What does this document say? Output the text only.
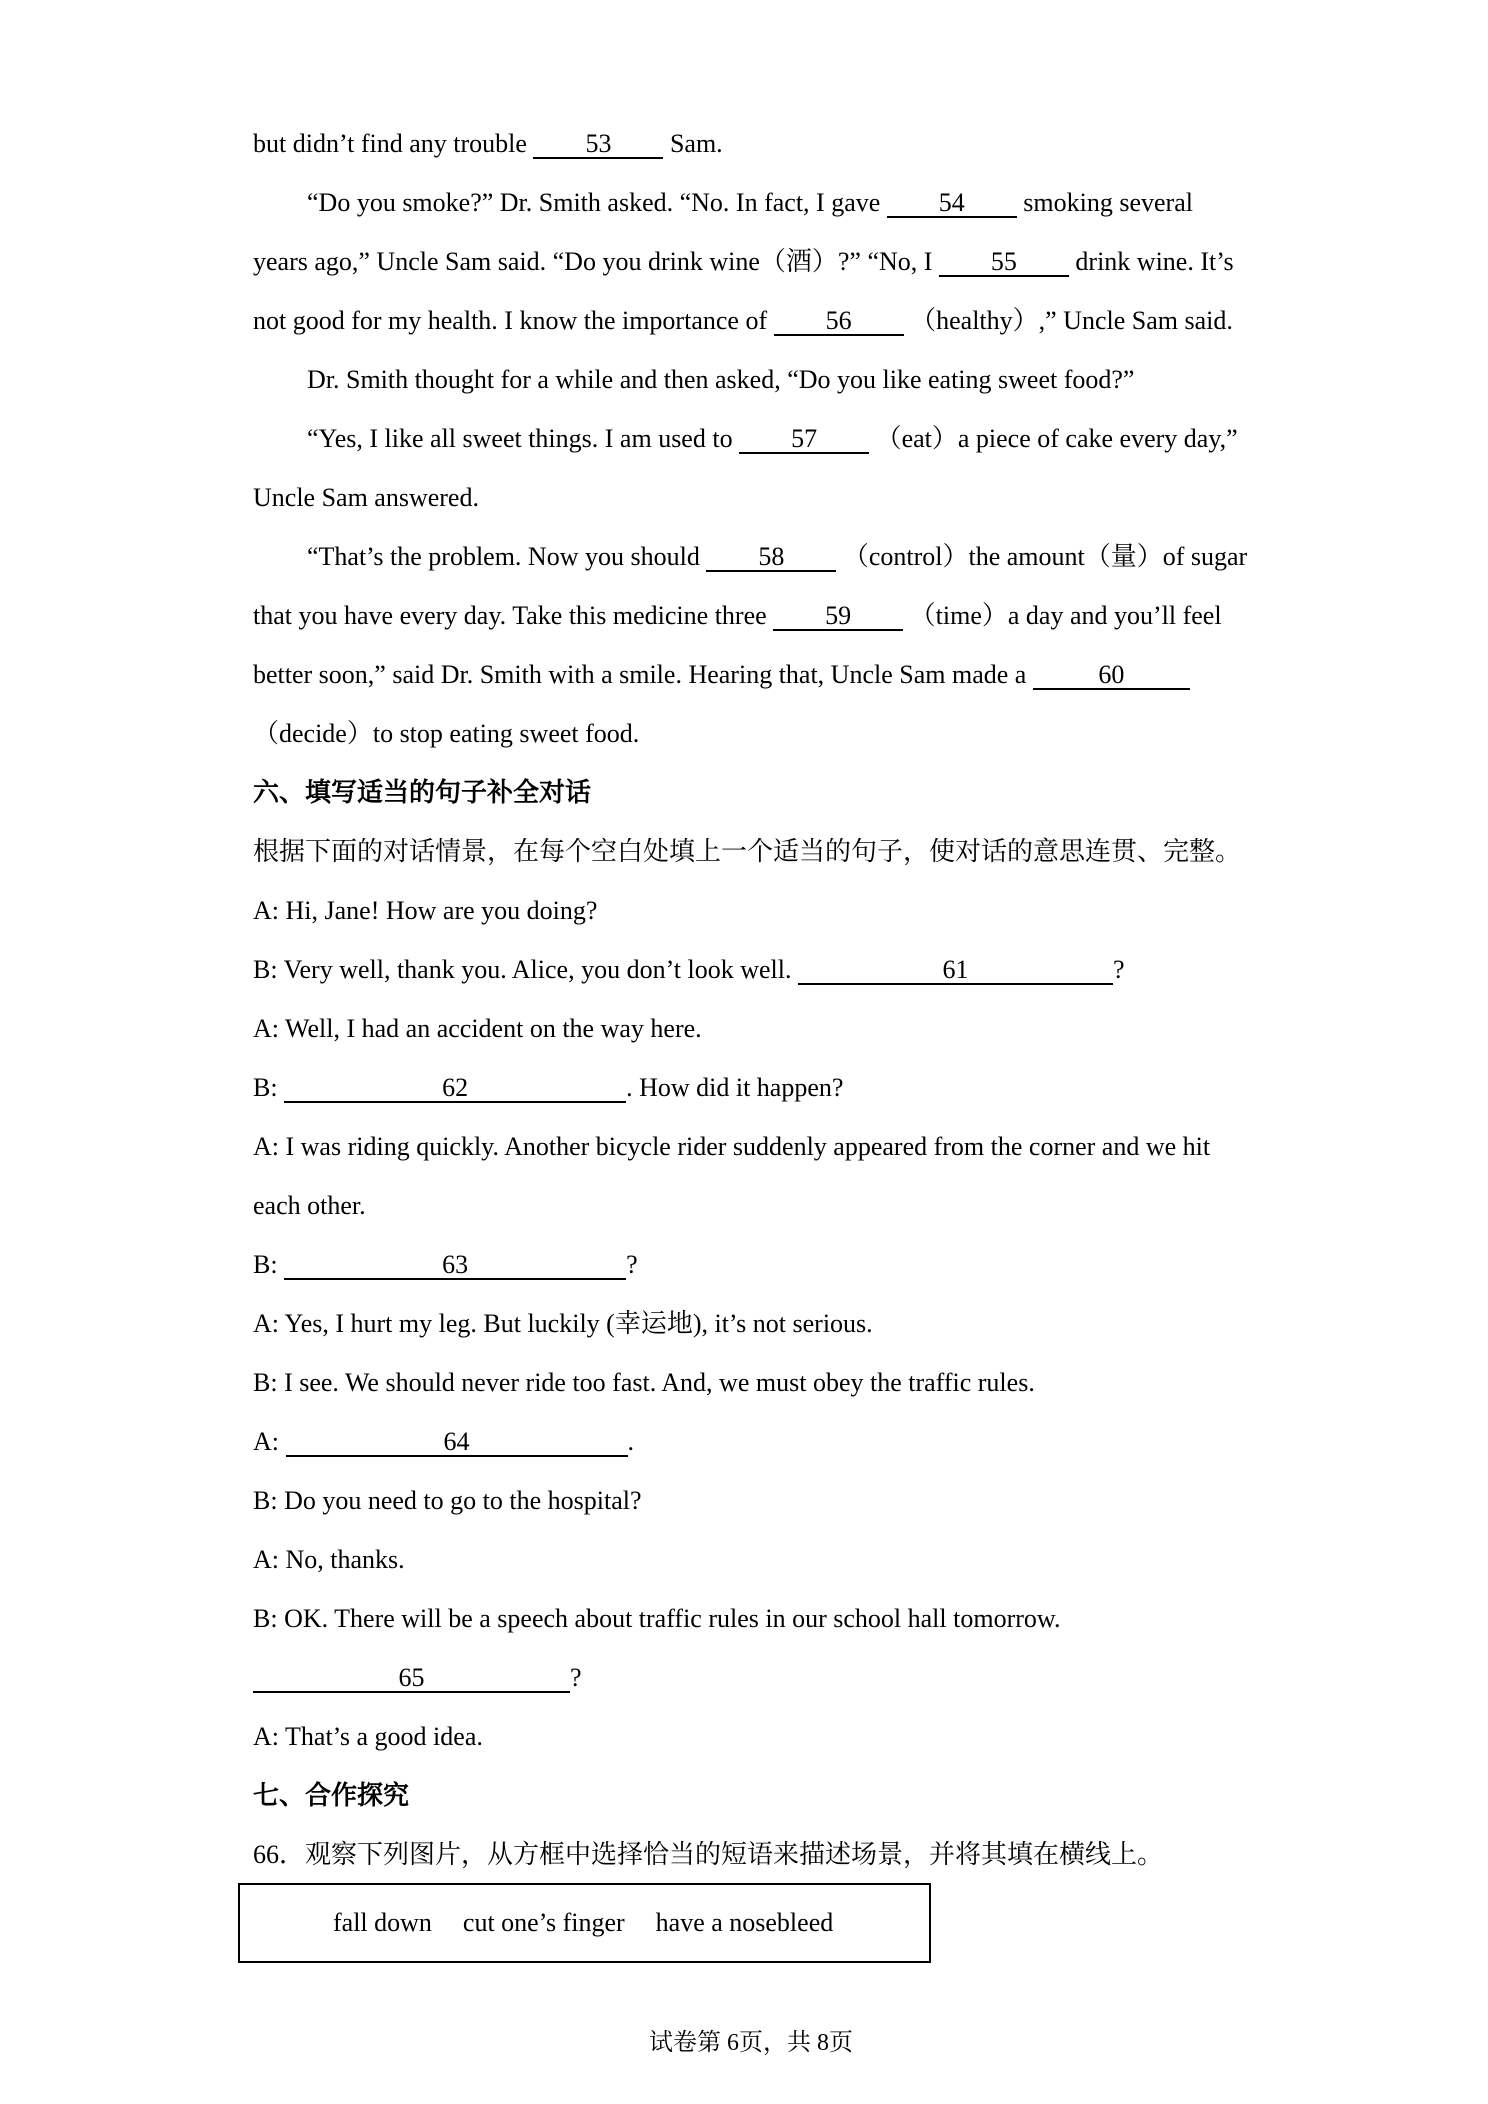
but didn’t find any trouble 53 Sam.
“Do you smoke?” Dr. Smith asked. “No. In fact, I gave 54 smoking several
years ago,” Uncle Sam said. “Do you drink wine（酒）?” “No, I 55 drink wine. It’s
not good for my health. I know the importance of 56 （healthy）,” Uncle Sam said.
Dr. Smith thought for a while and then asked, “Do you like eating sweet food?”
“Yes, I like all sweet things. I am used to 57 （eat）a piece of cake every day,”
Uncle Sam answered.
“That’s the problem. Now you should 58 （control）the amount（量）of sugar
that you have every day. Take this medicine three 59 （time）a day and you’ll feel
better soon,” said Dr. Smith with a smile. Hearing that, Uncle Sam made a	60
（decide）to stop eating sweet food.
六、填写适当的句子补全对话
根据下面的对话情景，在每个空白处填上一个适当的句子，使对话的意思连贯、完整。
A: Hi, Jane! How are you doing?
B: Very well, thank you. Alice, you don’t look well.	61	?
A: Well, I had an accident on the way here.
B:	62	. How did it happen?
A: I was riding quickly. Another bicycle rider suddenly appeared from the corner and we hit
each other.
B:	63	?
A: Yes, I hurt my leg. But luckily (幸运地), it’s not serious.
B: I see. We should never ride too fast. And, we must obey the traffic rules.
A:	64	.
B: Do you need to go to the hospital?
A: No, thanks.
B: OK. There will be a speech about traffic rules in our school hall tomorrow.
65	?
A: That’s a good idea.
七、合作探究
66．观察下列图片，从方框中选择恰当的短语来描述场景，并将其填在横线上。
fall down cut one’s finger have a nosebleed
试卷第 6页，共 8页
